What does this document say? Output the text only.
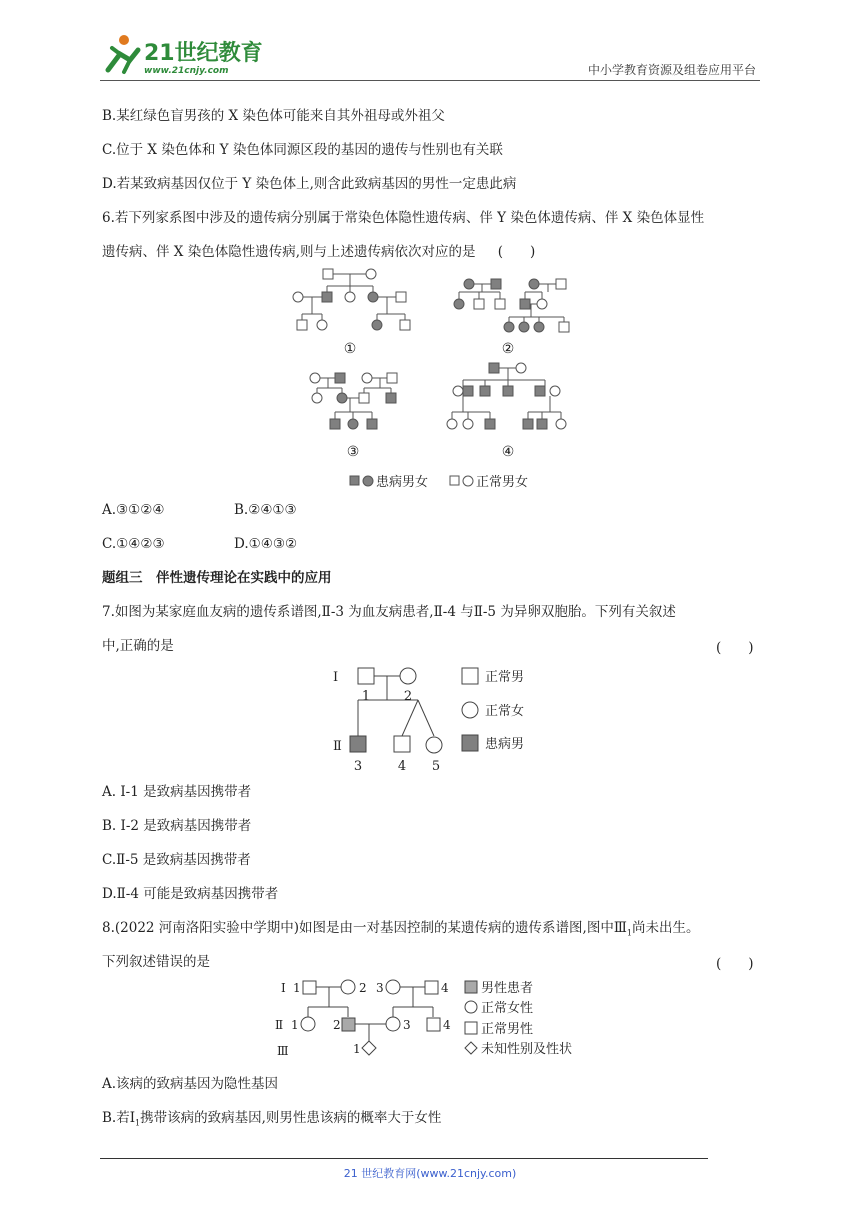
21世纪教育
www.21cnjy.com	中小学教育资源及组卷应用平台
B.某红绿色盲男孩的 X 染色体可能来自其外祖母或外祖父
C.位于 X 染色体和 Y 染色体同源区段的基因的遗传与性别也有关联
D.若某致病基因仅位于 Y 染色体上,则含此致病基因的男性一定患此病
6.若下列家系图中涉及的遗传病分别属于常染色体隐性遗传病、伴 Y 染色体遗传病、伴 X 染色体显性
遗传病、伴 X 染色体隐性遗传病,则与上述遗传病依次对应的是 (　　)
①	②
③	④
患病男女	正常男女
A.③①②④	B.②④①③
C.①④②③	D.①④③②
题组三　伴性遗传理论在实践中的应用
7.如图为某家庭血友病的遗传系谱图,Ⅱ-3 为血友病患者,Ⅱ-4 与Ⅱ-5 为异卵双胞胎。下列有关叙述
中,正确的是	(　　)
Ⅰ
Ⅱ
1	2
3	4 5
正常男
正常女
患病男
A. Ⅰ-1 是致病基因携带者
B. Ⅰ-2 是致病基因携带者
C.Ⅱ-5 是致病基因携带者
D.Ⅱ-4 可能是致病基因携带者
8.(2022 河南洛阳实验中学期中)如图是由一对基因控制的某遗传病的遗传系谱图,图中$Ⅲ_1$尚未出生。
下列叙述错误的是	(　　)
Ⅰ 1	2 3	4
Ⅱ 1	2	3	4
Ⅲ	1
男性患者
正常女性
正常男性
未知性别及性状
A.该病的致病基因为隐性基因
B.若$Ⅰ_1$携带该病的致病基因,则男性患该病的概率大于女性
21 世纪教育网(www.21cnjy.com)
